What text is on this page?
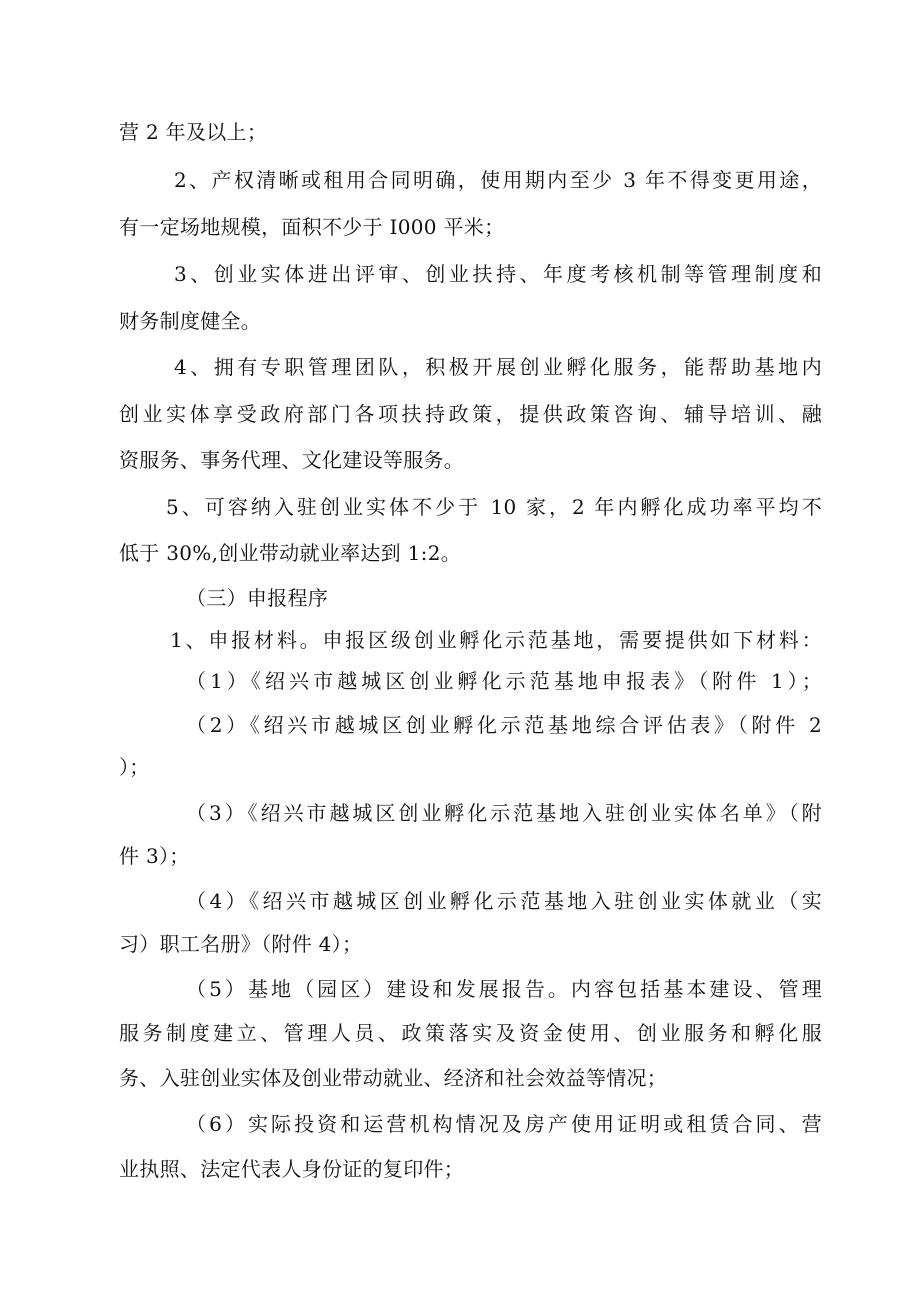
营 2 年及以上；
2、产权清晰或租用合同明确，使用期内至少 3 年不得变更用途，
有一定场地规模，面积不少于 I000 平米；
3、创业实体进出评审、创业扶持、年度考核机制等管理制度和
财务制度健全。
4、拥有专职管理团队，积极开展创业孵化服务，能帮助基地内
创业实体享受政府部门各项扶持政策，提供政策咨询、辅导培训、融
资服务、事务代理、文化建设等服务。
5、可容纳入驻创业实体不少于 10 家，2 年内孵化成功率平均不
低于 30%,创业带动就业率达到 1:2。
（三）申报程序
1、申报材料。申报区级创业孵化示范基地，需要提供如下材料：
（1）《绍兴市越城区创业孵化示范基地申报表》（附件 1）；
（2）《绍兴市越城区创业孵化示范基地综合评估表》（附件 2
）；
（3）《绍兴市越城区创业孵化示范基地入驻创业实体名单》（附
件 3）；
（4）《绍兴市越城区创业孵化示范基地入驻创业实体就业（实
习）职工名册》（附件 4）；
（5）基地（园区）建设和发展报告。内容包括基本建设、管理
服务制度建立、管理人员、政策落实及资金使用、创业服务和孵化服
务、入驻创业实体及创业带动就业、经济和社会效益等情况；
（6）实际投资和运营机构情况及房产使用证明或租赁合同、营
业执照、法定代表人身份证的复印件；
